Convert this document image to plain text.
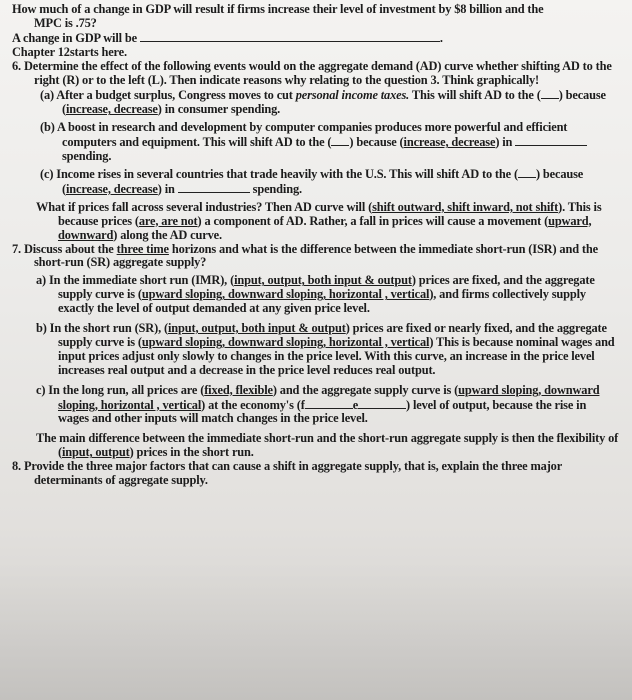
How much of a change in GDP will result if firms increase their level of investment by $8 billion and the
MPC is .75?

A change in GDP will be	.

Chapter 12starts here.

6. Determine the effect of the following events would on the aggregate demand (AD) curve whether shifting AD to the right (R) or to the left (L). Then indicate reasons why relating to the question 3. Think graphically!

(a) After a budget surplus, Congress moves to cut personal income taxes. This will shift AD to the ( ) because (increase, decrease) in consumer spending.

(b) A boost in research and development by computer companies produces more powerful and efficient computers and equipment. This will shift AD to the ( ) because (increase, decrease) in  spending.

(c) Income rises in several countries that trade heavily with the U.S. This will shift AD to the ( ) because (increase, decrease) in	spending.

What if prices fall across several industries? Then AD curve will (shift outward, shift inward, not shift). This is because prices (are, are not) a component of AD. Rather, a fall in prices will cause a movement (upward, downward) along the AD curve.

7. Discuss about the three time horizons and what is the difference between the immediate short-run (ISR) and the short-run (SR) aggregate supply?

a) In the immediate short run (IMR), (input, output, both input & output) prices are fixed, and the aggregate supply curve is (upward sloping, downward sloping, horizontal , vertical), and firms collectively supply exactly the level of output demanded at any given price level.

b) In the short run (SR), (input, output, both input & output) prices are fixed or nearly fixed, and the aggregate supply curve is (upward sloping, downward sloping, horizontal , vertical) This is because nominal wages and input prices adjust only slowly to changes in the price level. With this curve, an increase in the price level increases real output and a decrease in the price level reduces real output.

c) In the long run, all prices are (fixed, flexible) and the aggregate supply curve is (upward sloping, downward sloping, horizontal , vertical) at the economy's (f	e	) level of output, because the rise in wages and other inputs will match changes in the price level.

The main difference between the immediate short-run and the short-run aggregate supply is then the flexibility of (input, output) prices in the short run.

8. Provide the three major factors that can cause a shift in aggregate supply, that is, explain the three major determinants of aggregate supply.
